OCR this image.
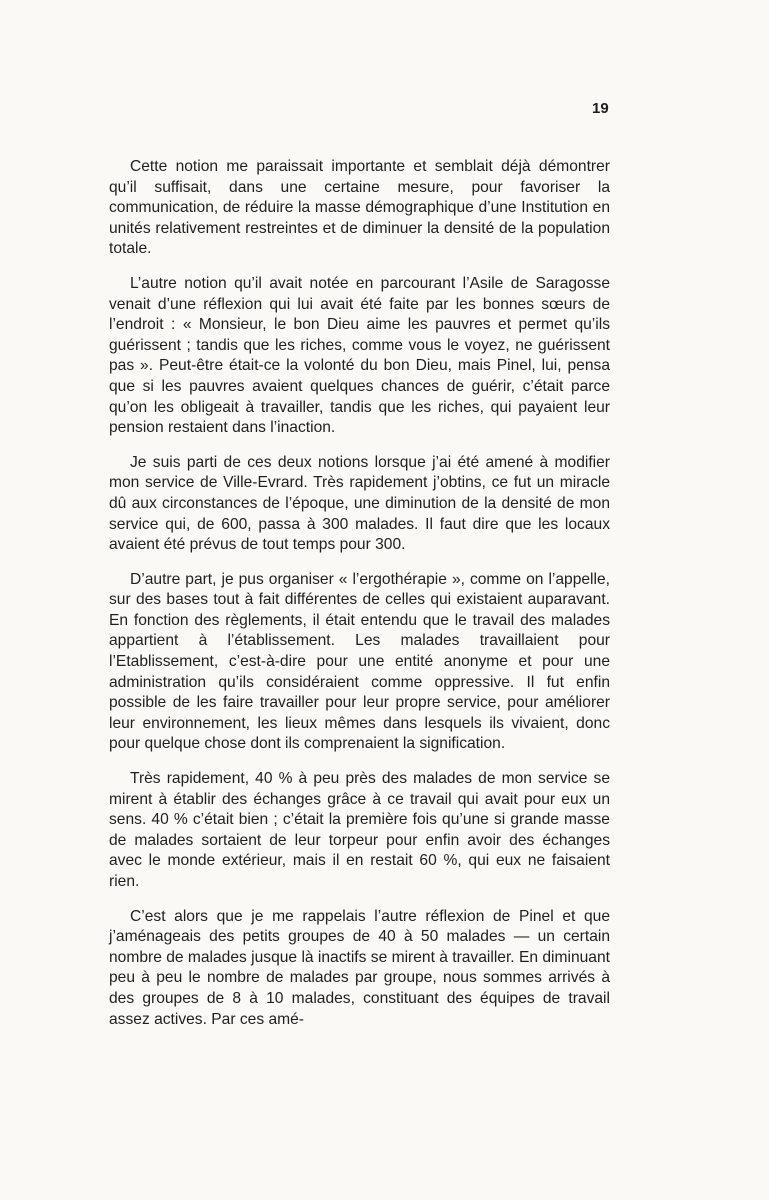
19

Cette notion me paraissait importante et semblait déjà démontrer qu’il suffisait, dans une certaine mesure, pour favoriser la communication, de réduire la masse démographique d’une Institution en unités relativement restreintes et de diminuer la densité de la population totale.

L’autre notion qu’il avait notée en parcourant l’Asile de Saragosse venait d’une réflexion qui lui avait été faite par les bonnes sœurs de l’endroit : « Monsieur, le bon Dieu aime les pauvres et permet qu’ils guérissent ; tandis que les riches, comme vous le voyez, ne guérissent pas ». Peut-être était-ce la volonté du bon Dieu, mais Pinel, lui, pensa que si les pauvres avaient quelques chances de guérir, c’était parce qu’on les obligeait à travailler, tandis que les riches, qui payaient leur pension restaient dans l’inaction.

Je suis parti de ces deux notions lorsque j’ai été amené à modifier mon service de Ville-Evrard. Très rapidement j’obtins, ce fut un miracle dû aux circonstances de l’époque, une diminution de la densité de mon service qui, de 600, passa à 300 malades. Il faut dire que les locaux avaient été prévus de tout temps pour 300.

D’autre part, je pus organiser « l’ergothérapie », comme on l’appelle, sur des bases tout à fait différentes de celles qui existaient auparavant. En fonction des règlements, il était entendu que le travail des malades appartient à l’établissement. Les malades travaillaient pour l’Etablissement, c’est-à-dire pour une entité anonyme et pour une administration qu’ils considéraient comme oppressive. Il fut enfin possible de les faire travailler pour leur propre service, pour améliorer leur environnement, les lieux mêmes dans lesquels ils vivaient, donc pour quelque chose dont ils comprenaient la signification.

Très rapidement, 40 % à peu près des malades de mon service se mirent à établir des échanges grâce à ce travail qui avait pour eux un sens. 40 % c’était bien ; c’était la première fois qu’une si grande masse de malades sortaient de leur torpeur pour enfin avoir des échanges avec le monde extérieur, mais il en restait 60 %, qui eux ne faisaient rien.

C’est alors que je me rappelais l’autre réflexion de Pinel et que j’aménageais des petits groupes de 40 à 50 malades — un certain nombre de malades jusque là inactifs se mirent à travailler. En diminuant peu à peu le nombre de malades par groupe, nous sommes arrivés à des groupes de 8 à 10 malades, constituant des équipes de travail assez actives. Par ces amé-
